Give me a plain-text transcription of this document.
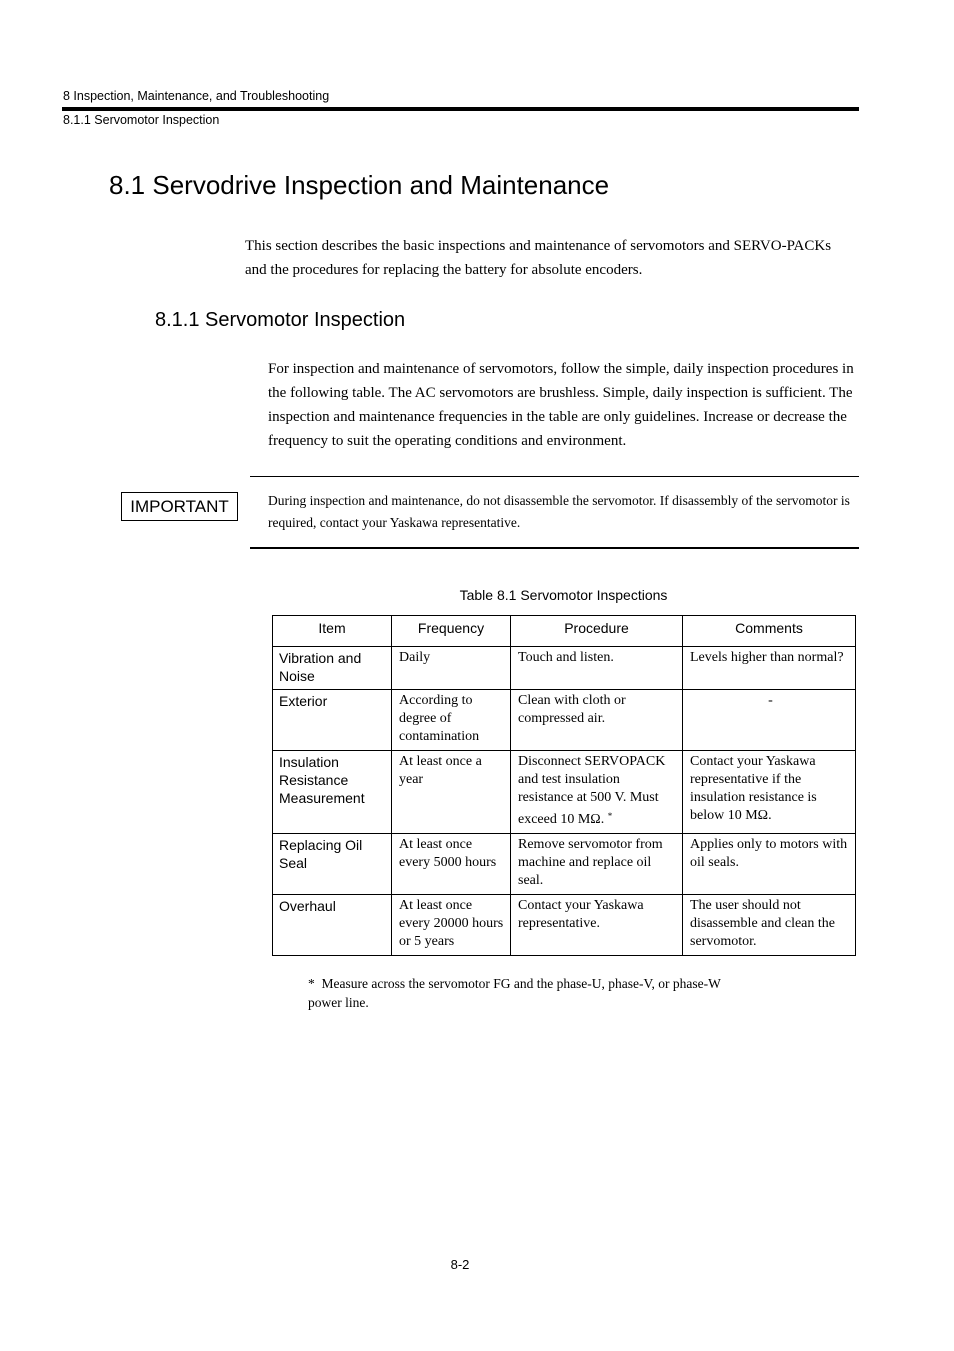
8 Inspection, Maintenance, and Troubleshooting
8.1.1 Servomotor Inspection
8.1 Servodrive Inspection and Maintenance
This section describes the basic inspections and maintenance of servomotors and SERVO-PACKs and the procedures for replacing the battery for absolute encoders.
8.1.1 Servomotor Inspection
For inspection and maintenance of servomotors, follow the simple, daily inspection procedures in the following table. The AC servomotors are brushless. Simple, daily inspection is sufficient. The inspection and maintenance frequencies in the table are only guidelines. Increase or decrease the frequency to suit the operating conditions and environment.
IMPORTANT	During inspection and maintenance, do not disassemble the servomotor. If disassembly of the servomotor is required, contact your Yaskawa representative.
Table 8.1 Servomotor Inspections
Item	Frequency	Procedure	Comments
Vibration and Noise	Daily	Touch and listen.	Levels higher than normal?
Exterior	According to degree of contamination	Clean with cloth or compressed air.	-
Insulation Resistance Measurement	At least once a year	Disconnect SERVOPACK and test insulation resistance at 500 V. Must exceed 10 MΩ. *	Contact your Yaskawa representative if the insulation resistance is below 10 MΩ.
Replacing Oil Seal	At least once every 5000 hours	Remove servomotor from machine and replace oil seal.	Applies only to motors with oil seals.
Overhaul	At least once every 20000 hours or 5 years	Contact your Yaskawa representative.	The user should not disassemble and clean the servomotor.
* Measure across the servomotor FG and the phase-U, phase-V, or phase-W power line.
8-2
